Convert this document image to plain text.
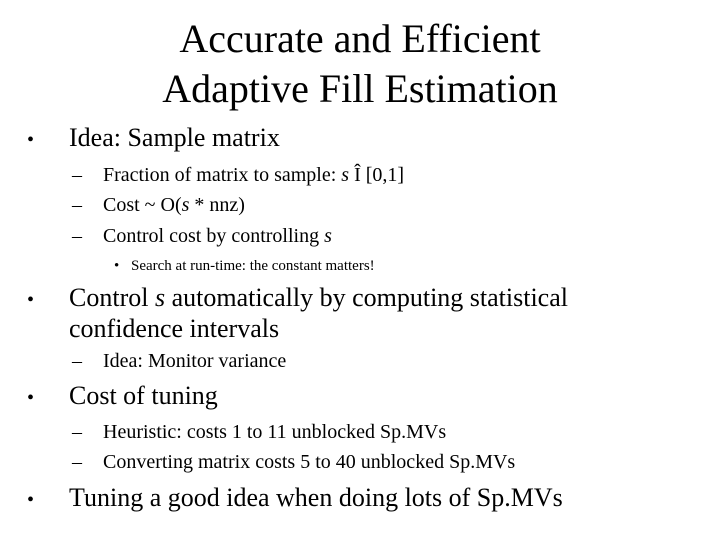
Accurate and Efficient
Adaptive Fill Estimation
• Idea: Sample matrix
– Fraction of matrix to sample: s Î [0,1]
– Cost ~ O(s * nnz)
– Control cost by controlling s
• Search at run-time: the constant matters!
• Control s automatically by computing statistical
confidence intervals
– Idea: Monitor variance
• Cost of tuning
– Heuristic: costs 1 to 11 unblocked Sp.MVs
– Converting matrix costs 5 to 40 unblocked Sp.MVs
• Tuning a good idea when doing lots of Sp.MVs
